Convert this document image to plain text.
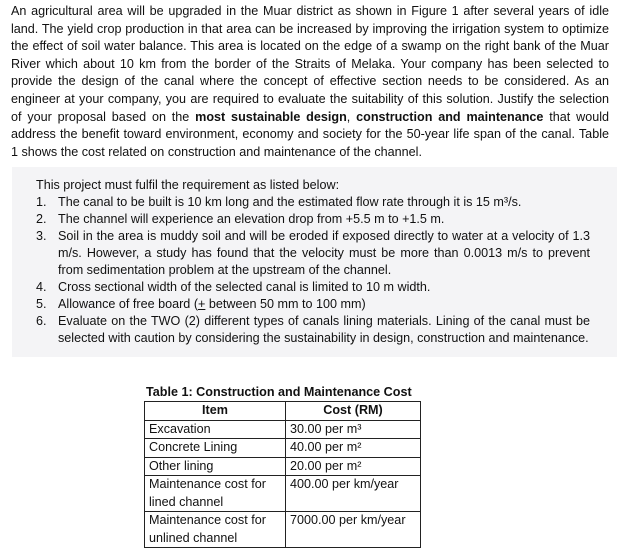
An agricultural area will be upgraded in the Muar district as shown in Figure 1 after several years of idle land. The yield crop production in that area can be increased by improving the irrigation system to optimize the effect of soil water balance. This area is located on the edge of a swamp on the right bank of the Muar River which about 10 km from the border of the Straits of Melaka. Your company has been selected to provide the design of the canal where the concept of effective section needs to be considered. As an engineer at your company, you are required to evaluate the suitability of this solution. Justify the selection of your proposal based on the most sustainable design, construction and maintenance that would address the benefit toward environment, economy and society for the 50-year life span of the canal. Table 1 shows the cost related on construction and maintenance of the channel.

This project must fulfil the requirement as listed below:

1. The canal to be built is 10 km long and the estimated flow rate through it is 15 m³/s.
2. The channel will experience an elevation drop from +5.5 m to +1.5 m.
3. Soil in the area is muddy soil and will be eroded if exposed directly to water at a velocity of 1.3 m/s. However, a study has found that the velocity must be more than 0.0013 m/s to prevent from sedimentation problem at the upstream of the channel.
4. Cross sectional width of the selected canal is limited to 10 m width.
5. Allowance of free board (+ between 50 mm to 100 mm)
6. Evaluate on the TWO (2) different types of canals lining materials. Lining of the canal must be selected with caution by considering the sustainability in design, construction and maintenance.

Table 1: Construction and Maintenance Cost

Item	Cost (RM)
Excavation	30.00 per m³
Concrete Lining	40.00 per m²
Other lining	20.00 per m²

Maintenance cost for
lined channel	400.00 per km/year

Maintenance cost for
unlined channel	7000.00 per km/year
